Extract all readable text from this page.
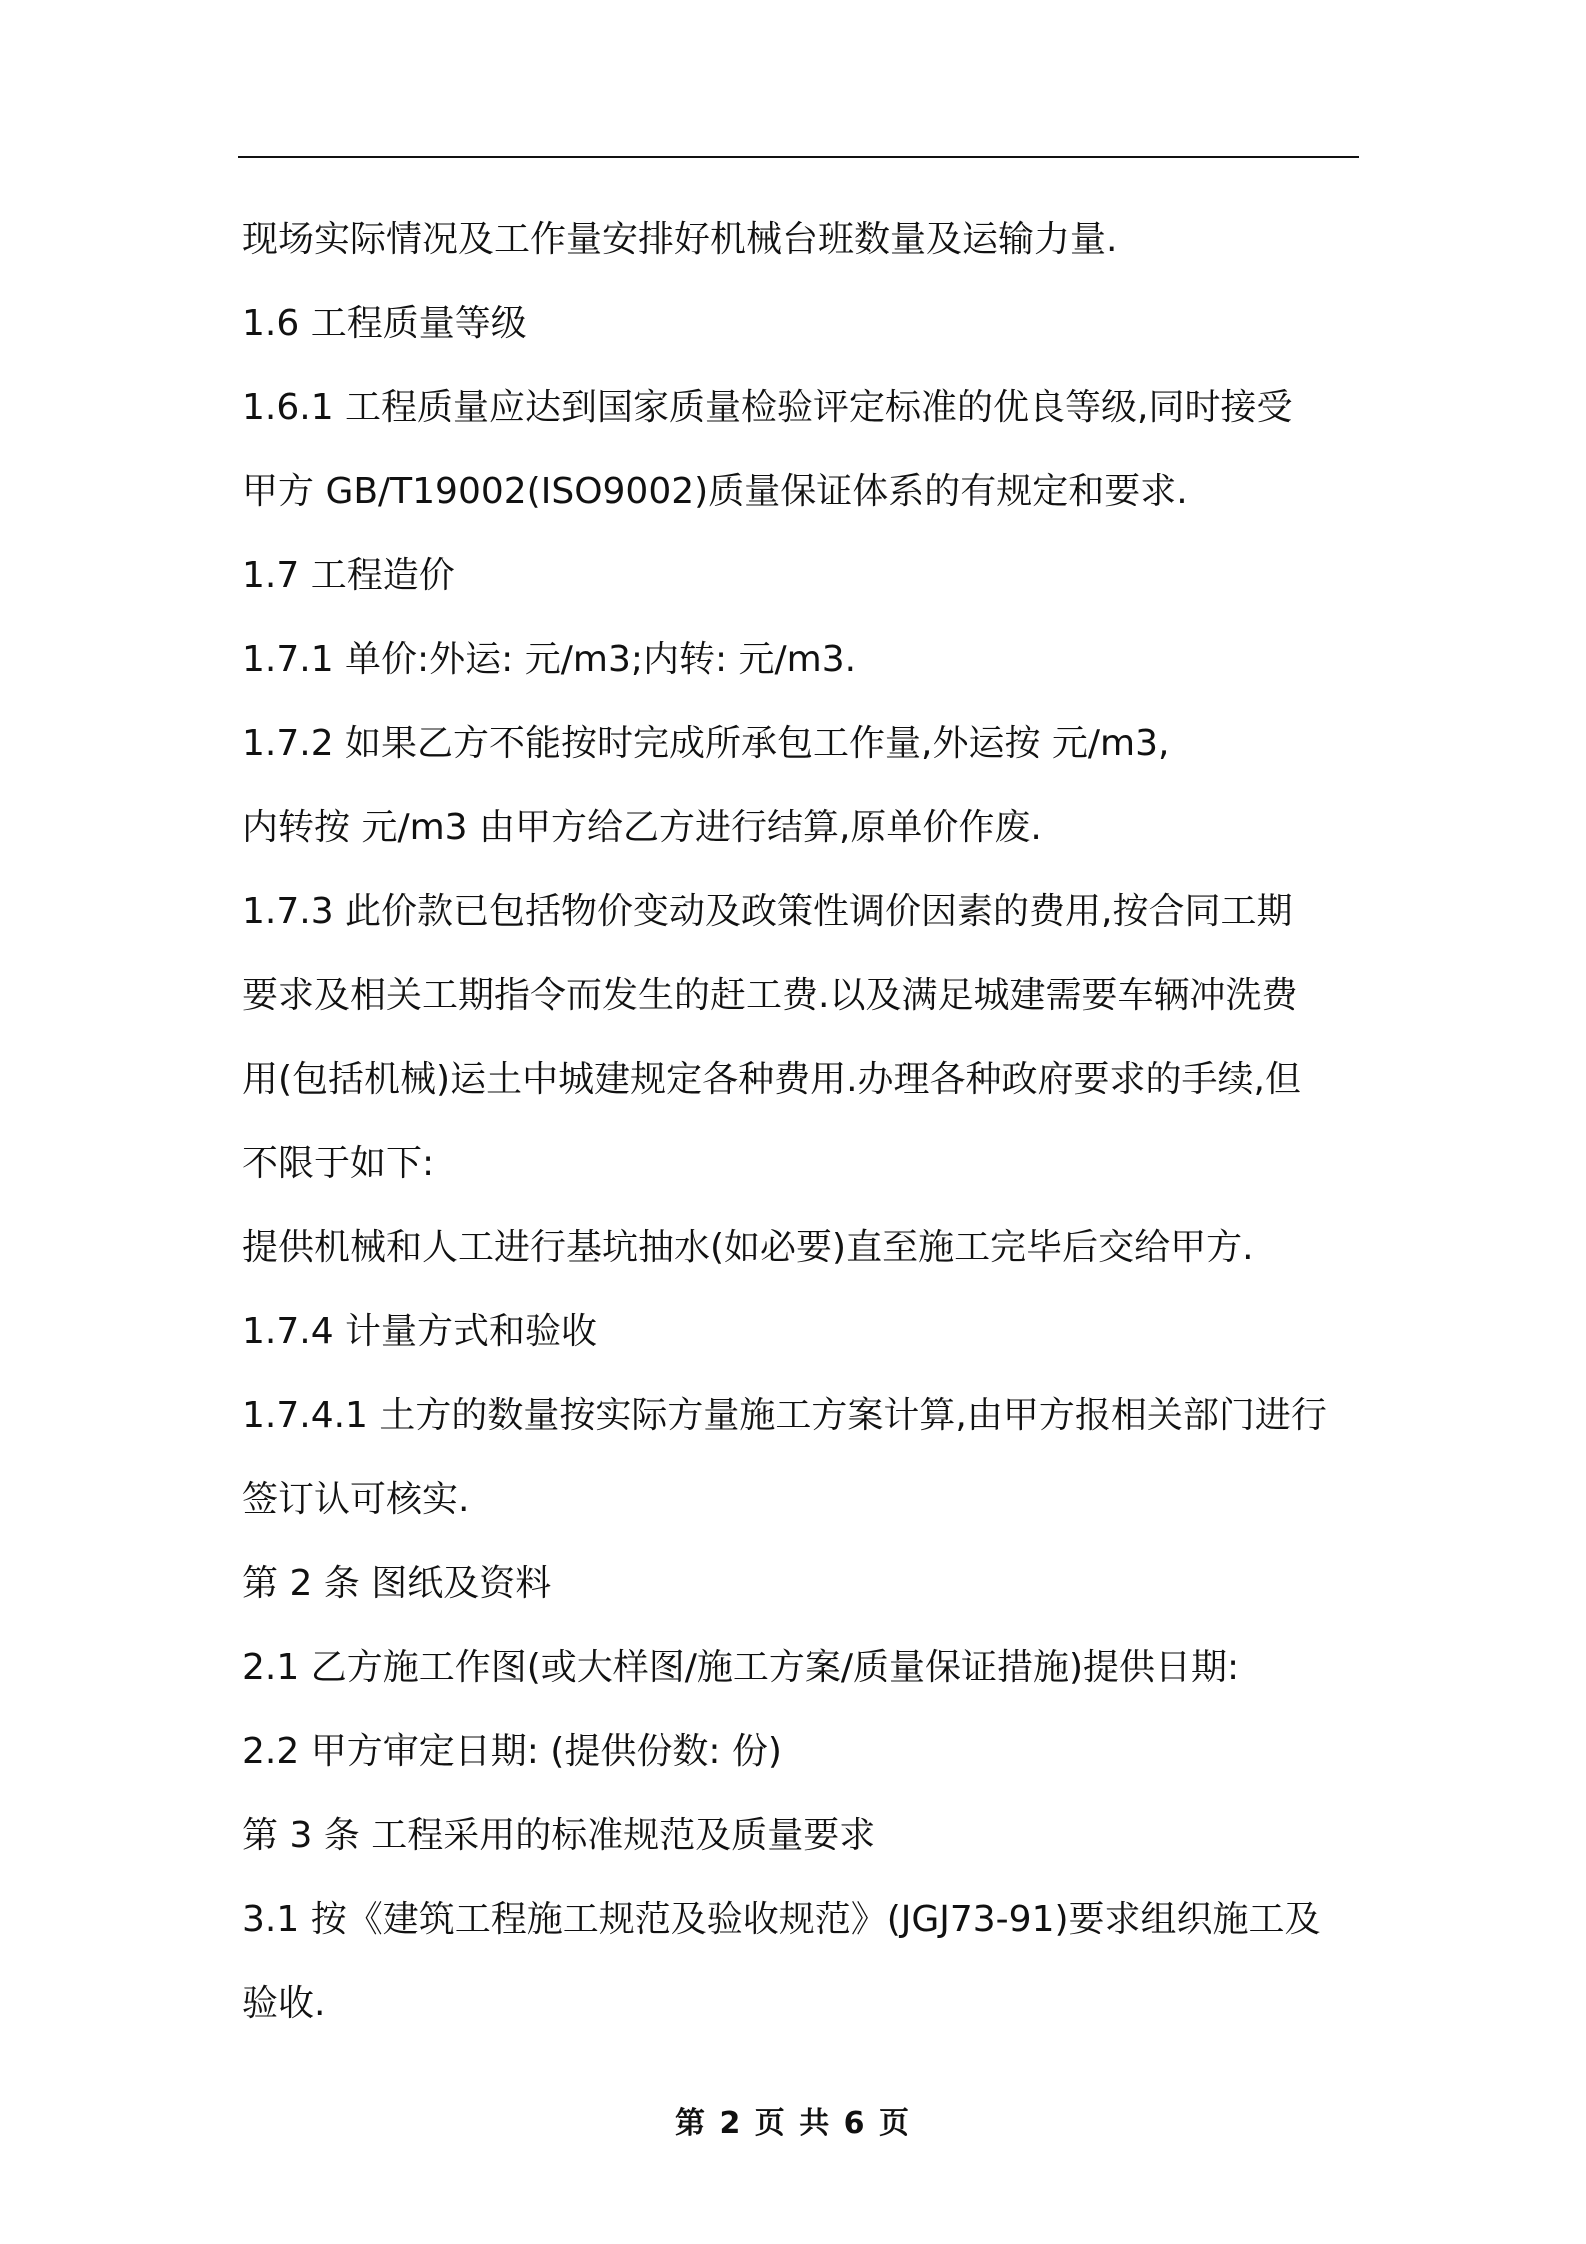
现场实际情况及工作量安排好机械台班数量及运输力量.
1.6 工程质量等级
1.6.1 工程质量应达到国家质量检验评定标准的优良等级,同时接受
甲方 GB/T19002(ISO9002)质量保证体系的有规定和要求.
1.7 工程造价
1.7.1 单价:外运: 元/m3;内转: 元/m3.
1.7.2 如果乙方不能按时完成所承包工作量,外运按 元/m3,
内转按 元/m3 由甲方给乙方进行结算,原单价作废.
1.7.3 此价款已包括物价变动及政策性调价因素的费用,按合同工期
要求及相关工期指令而发生的赶工费.以及满足城建需要车辆冲洗费
用(包括机械)运土中城建规定各种费用.办理各种政府要求的手续,但
不限于如下:
提供机械和人工进行基坑抽水(如必要)直至施工完毕后交给甲方.
1.7.4 计量方式和验收
1.7.4.1 土方的数量按实际方量施工方案计算,由甲方报相关部门进行
签订认可核实.
第 2 条 图纸及资料
2.1 乙方施工作图(或大样图/施工方案/质量保证措施)提供日期:
2.2 甲方审定日期: (提供份数: 份)
第 3 条 工程采用的标准规范及质量要求
3.1 按《建筑工程施工规范及验收规范》(JGJ73-91)要求组织施工及
验收.
第 2 页 共 6 页
